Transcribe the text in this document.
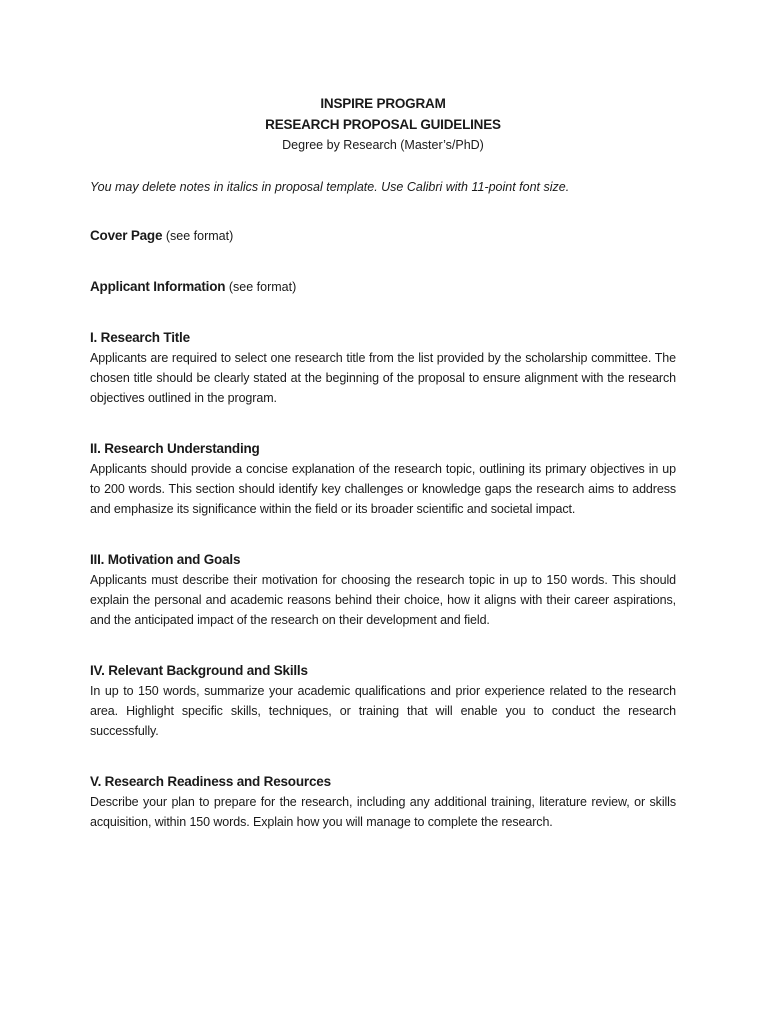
INSPIRE PROGRAM
RESEARCH PROPOSAL GUIDELINES
Degree by Research (Master’s/PhD)
You may delete notes in italics in proposal template. Use Calibri with 11-point font size.
Cover Page (see format)
Applicant Information (see format)
I. Research Title
Applicants are required to select one research title from the list provided by the scholarship committee. The chosen title should be clearly stated at the beginning of the proposal to ensure alignment with the research objectives outlined in the program.
II. Research Understanding
Applicants should provide a concise explanation of the research topic, outlining its primary objectives in up to 200 words. This section should identify key challenges or knowledge gaps the research aims to address and emphasize its significance within the field or its broader scientific and societal impact.
III. Motivation and Goals
Applicants must describe their motivation for choosing the research topic in up to 150 words. This should explain the personal and academic reasons behind their choice, how it aligns with their career aspirations, and the anticipated impact of the research on their development and field.
IV. Relevant Background and Skills
In up to 150 words, summarize your academic qualifications and prior experience related to the research area. Highlight specific skills, techniques, or training that will enable you to conduct the research successfully.
V. Research Readiness and Resources
Describe your plan to prepare for the research, including any additional training, literature review, or skills acquisition, within 150 words. Explain how you will manage to complete the research.
